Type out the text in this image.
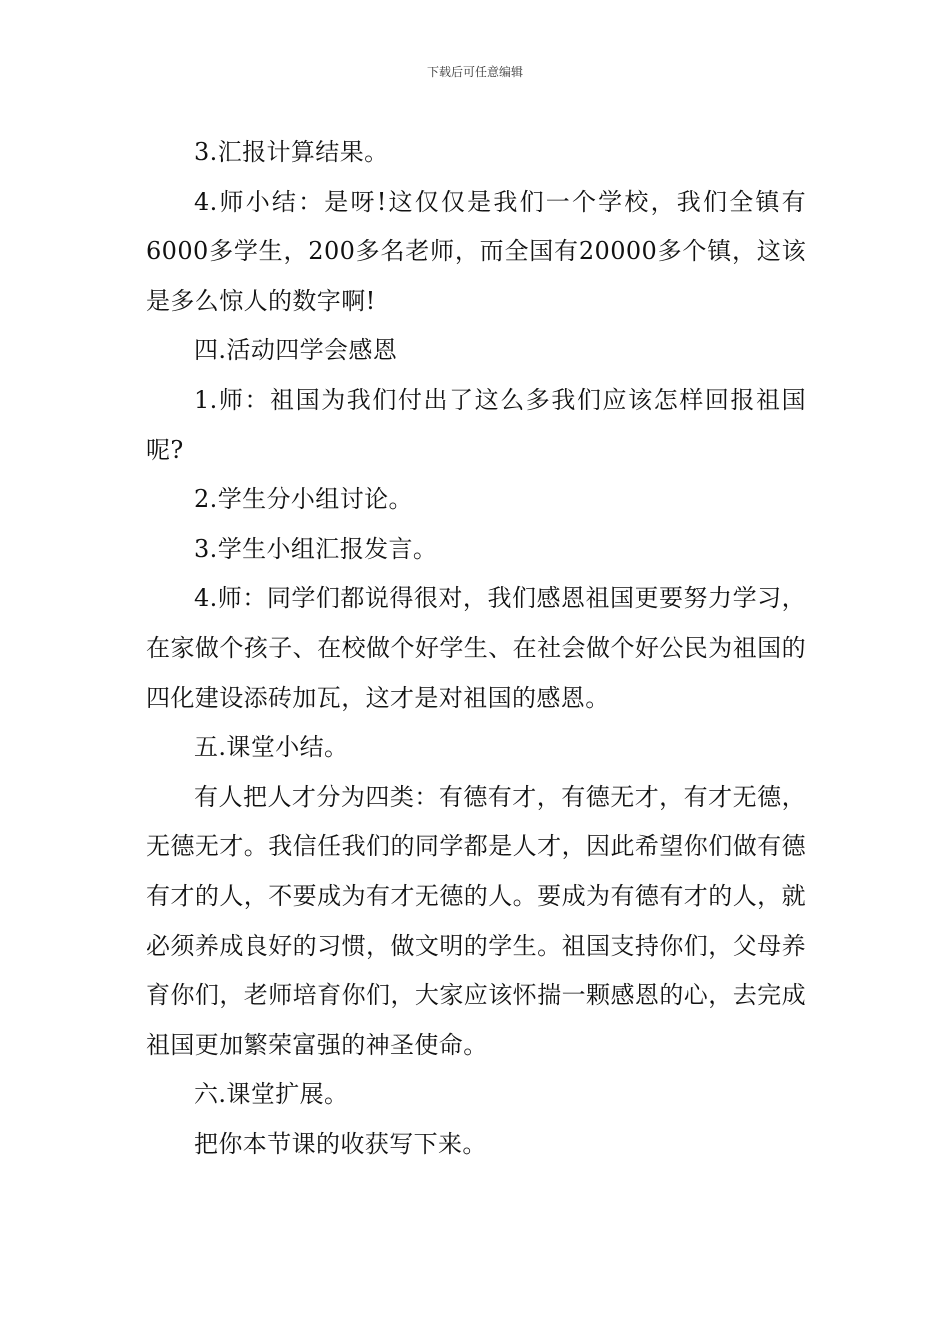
下载后可任意编辑

3.汇报计算结果。

4.师小结：是呀!这仅仅是我们一个学校，我们全镇有6000多学生，200多名老师，而全国有20000多个镇，这该是多么惊人的数字啊!

四.活动四学会感恩

1.师：祖国为我们付出了这么多我们应该怎样回报祖国呢?

2.学生分小组讨论。

3.学生小组汇报发言。

4.师：同学们都说得很对，我们感恩祖国更要努力学习，在家做个孩子、在校做个好学生、在社会做个好公民为祖国的四化建设添砖加瓦，这才是对祖国的感恩。

五.课堂小结。

有人把人才分为四类：有德有才，有德无才，有才无德，无德无才。我信任我们的同学都是人才，因此希望你们做有德有才的人，不要成为有才无德的人。要成为有德有才的人，就必须养成良好的习惯，做文明的学生。祖国支持你们，父母养育你们，老师培育你们，大家应该怀揣一颗感恩的心，去完成祖国更加繁荣富强的神圣使命。

六.课堂扩展。

把你本节课的收获写下来。
